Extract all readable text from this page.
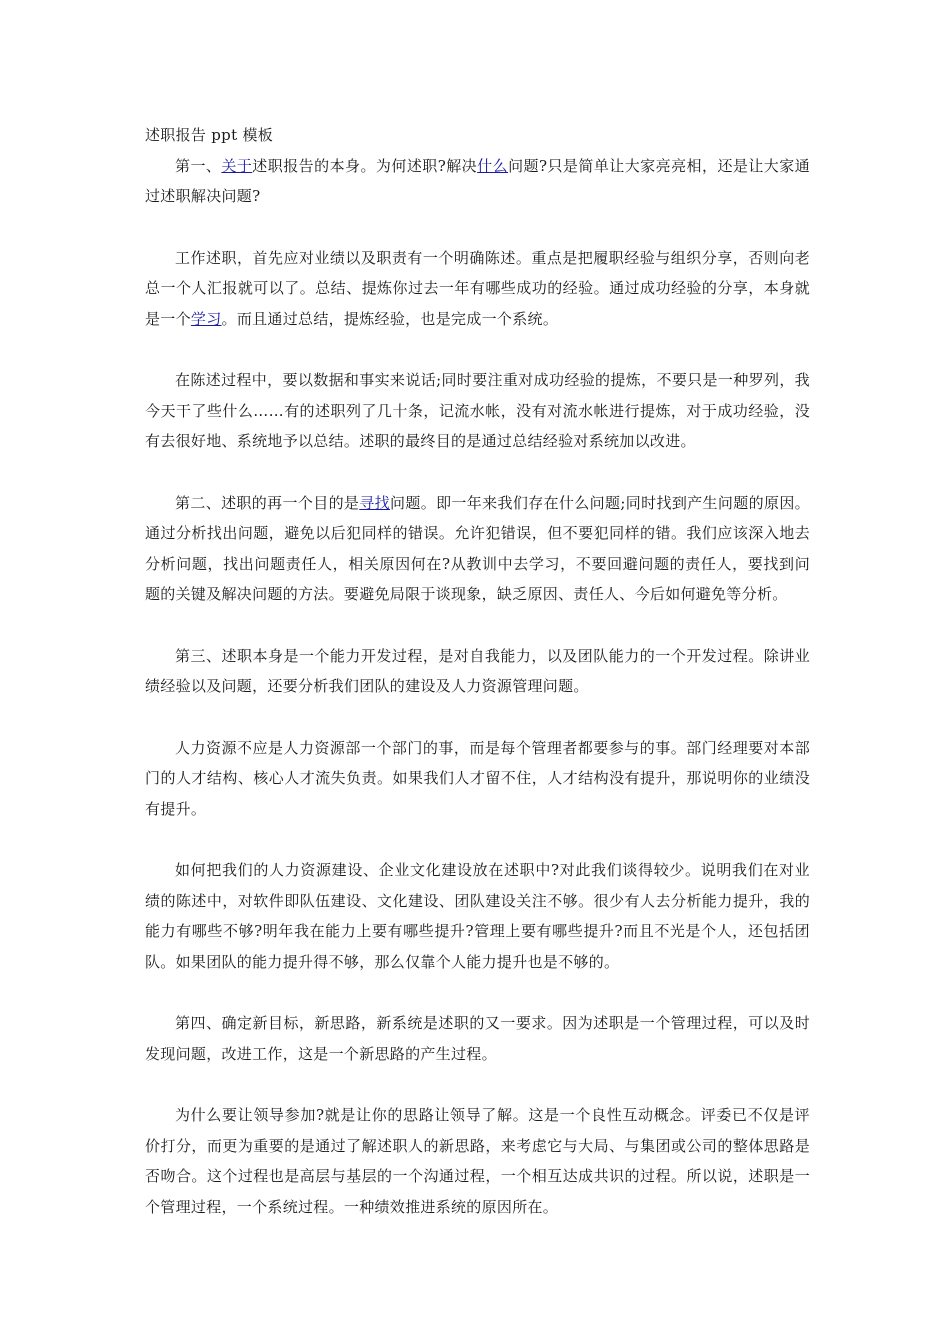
述职报告 ppt 模板

第一、关于述职报告的本身。为何述职?解决什么问题?只是简单让大家亮亮相，还是让大家通过述职解决问题?

工作述职，首先应对业绩以及职责有一个明确陈述。重点是把履职经验与组织分享，否则向老总一个人汇报就可以了。总结、提炼你过去一年有哪些成功的经验。通过成功经验的分享，本身就是一个学习。而且通过总结，提炼经验，也是完成一个系统。

在陈述过程中，要以数据和事实来说话;同时要注重对成功经验的提炼，不要只是一种罗列，我今天干了些什么……有的述职列了几十条，记流水帐，没有对流水帐进行提炼，对于成功经验，没有去很好地、系统地予以总结。述职的最终目的是通过总结经验对系统加以改进。

第二、述职的再一个目的是寻找问题。即一年来我们存在什么问题;同时找到产生问题的原因。通过分析找出问题，避免以后犯同样的错误。允许犯错误，但不要犯同样的错。我们应该深入地去分析问题，找出问题责任人，相关原因何在?从教训中去学习，不要回避问题的责任人，要找到问题的关键及解决问题的方法。要避免局限于谈现象，缺乏原因、责任人、今后如何避免等分析。

第三、述职本身是一个能力开发过程，是对自我能力，以及团队能力的一个开发过程。除讲业绩经验以及问题，还要分析我们团队的建设及人力资源管理问题。

人力资源不应是人力资源部一个部门的事，而是每个管理者都要参与的事。部门经理要对本部门的人才结构、核心人才流失负责。如果我们人才留不住，人才结构没有提升，那说明你的业绩没有提升。

如何把我们的人力资源建设、企业文化建设放在述职中?对此我们谈得较少。说明我们在对业绩的陈述中，对软件即队伍建设、文化建设、团队建设关注不够。很少有人去分析能力提升，我的能力有哪些不够?明年我在能力上要有哪些提升?管理上要有哪些提升?而且不光是个人，还包括团队。如果团队的能力提升得不够，那么仅靠个人能力提升也是不够的。

第四、确定新目标，新思路，新系统是述职的又一要求。因为述职是一个管理过程，可以及时发现问题，改进工作，这是一个新思路的产生过程。

为什么要让领导参加?就是让你的思路让领导了解。这是一个良性互动概念。评委已不仅是评价打分，而更为重要的是通过了解述职人的新思路，来考虑它与大局、与集团或公司的整体思路是否吻合。这个过程也是高层与基层的一个沟通过程，一个相互达成共识的过程。所以说，述职是一个管理过程，一个系统过程。一种绩效推进系统的原因所在。
